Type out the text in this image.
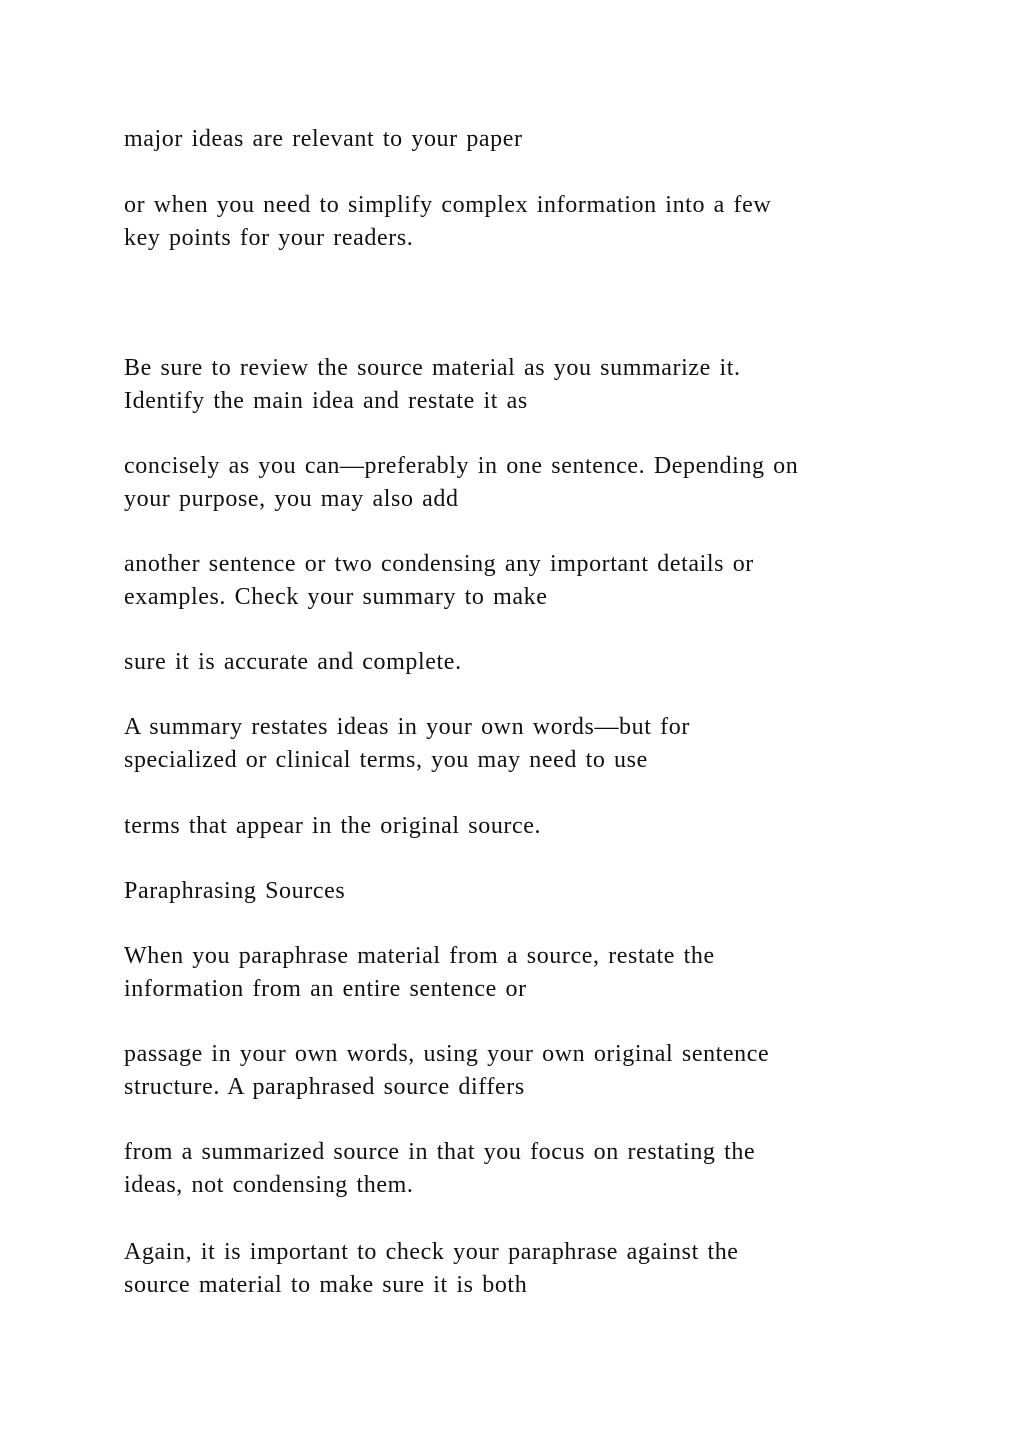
major ideas are relevant to your paper

or when you need to simplify complex information into a few

key points for your readers.

Be sure to review the source material as you summarize it.

Identify the main idea and restate it as

concisely as you can—preferably in one sentence. Depending on

your purpose, you may also add

another sentence or two condensing any important details or

examples. Check your summary to make

sure it is accurate and complete.

A summary restates ideas in your own words—but for

specialized or clinical terms, you may need to use

terms that appear in the original source.

Paraphrasing Sources

When you paraphrase material from a source, restate the

information from an entire sentence or

passage in your own words, using your own original sentence

structure. A paraphrased source differs

from a summarized source in that you focus on restating the

ideas, not condensing them.

Again, it is important to check your paraphrase against the

source material to make sure it is both
